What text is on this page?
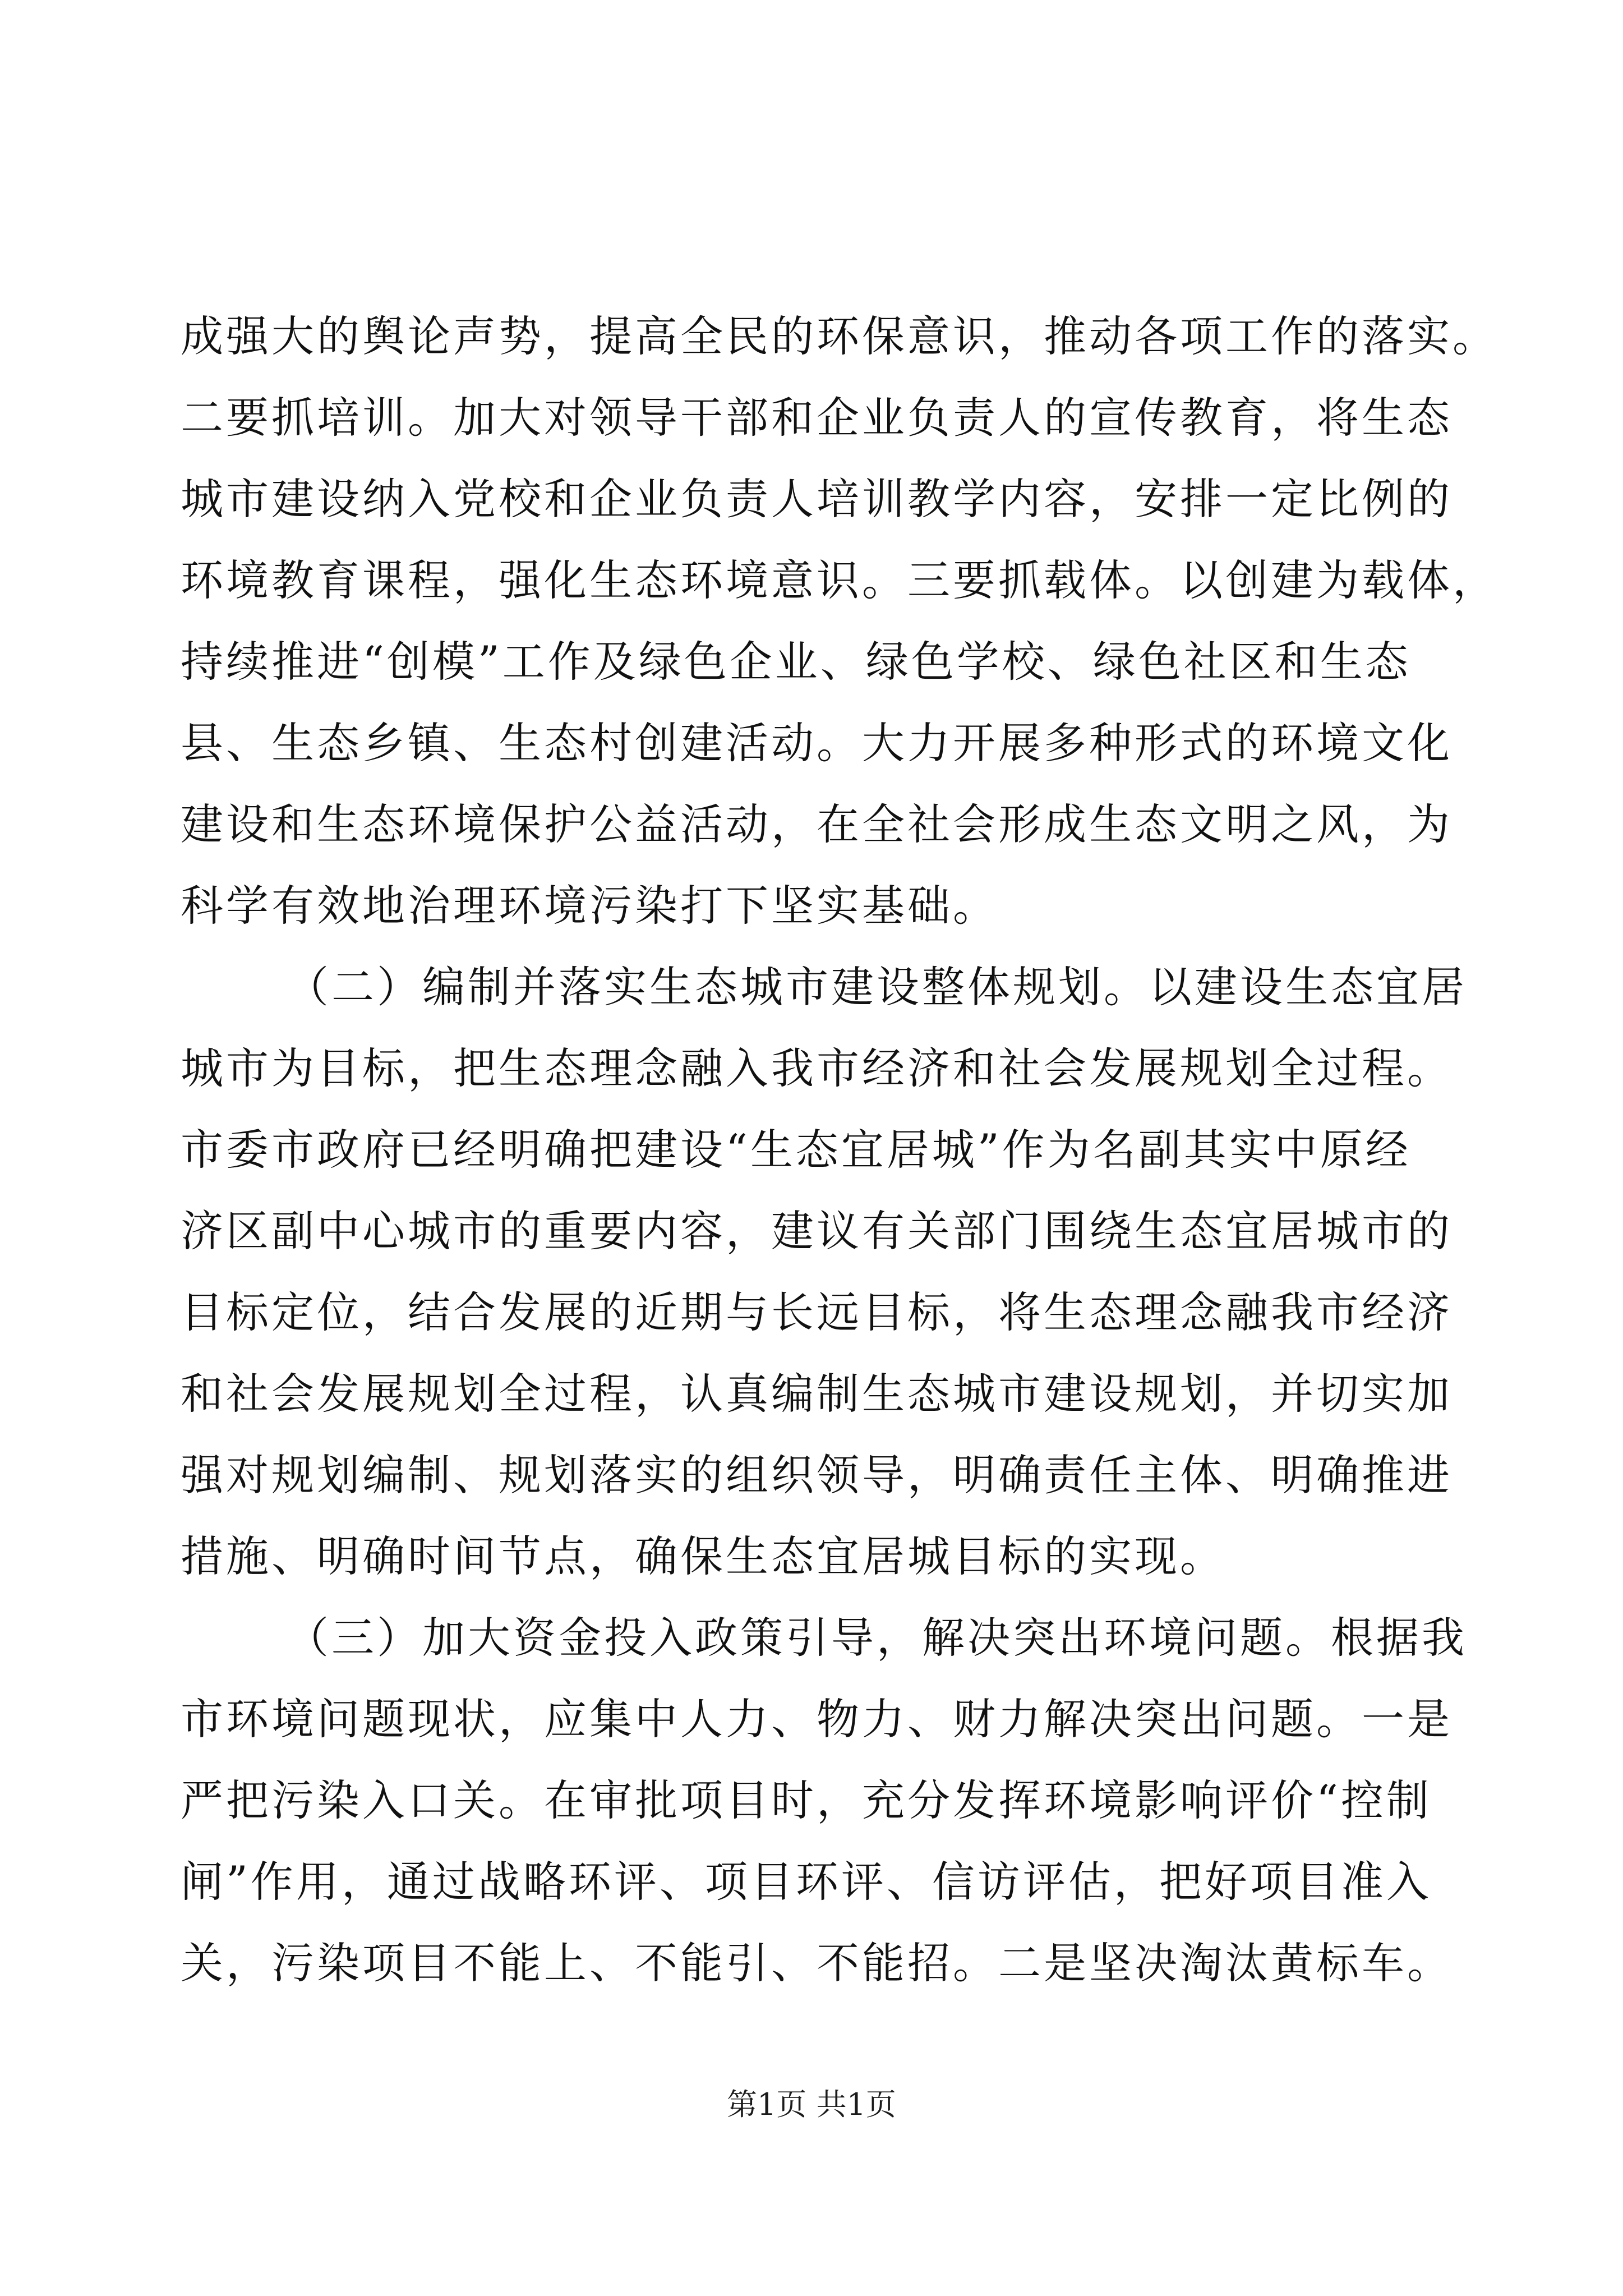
成强大的舆论声势，提高全民的环保意识，推动各项工作的落实。
二要抓培训。加大对领导干部和企业负责人的宣传教育，将生态
城市建设纳入党校和企业负责人培训教学内容，安排一定比例的
环境教育课程，强化生态环境意识。三要抓载体。以创建为载体，
持续推进“创模”工作及绿色企业、绿色学校、绿色社区和生态
县、生态乡镇、生态村创建活动。大力开展多种形式的环境文化
建设和生态环境保护公益活动，在全社会形成生态文明之风，为
科学有效地治理环境污染打下坚实基础。
（二）编制并落实生态城市建设整体规划。以建设生态宜居
城市为目标，把生态理念融入我市经济和社会发展规划全过程。
市委市政府已经明确把建设“生态宜居城”作为名副其实中原经
济区副中心城市的重要内容，建议有关部门围绕生态宜居城市的
目标定位，结合发展的近期与长远目标，将生态理念融我市经济
和社会发展规划全过程，认真编制生态城市建设规划，并切实加
强对规划编制、规划落实的组织领导，明确责任主体、明确推进
措施、明确时间节点，确保生态宜居城目标的实现。
（三）加大资金投入政策引导，解决突出环境问题。根据我
市环境问题现状，应集中人力、物力、财力解决突出问题。一是
严把污染入口关。在审批项目时，充分发挥环境影响评价“控制
闸”作用，通过战略环评、项目环评、信访评估，把好项目准入
关，污染项目不能上、不能引、不能招。二是坚决淘汰黄标车。
第1页 共1页
